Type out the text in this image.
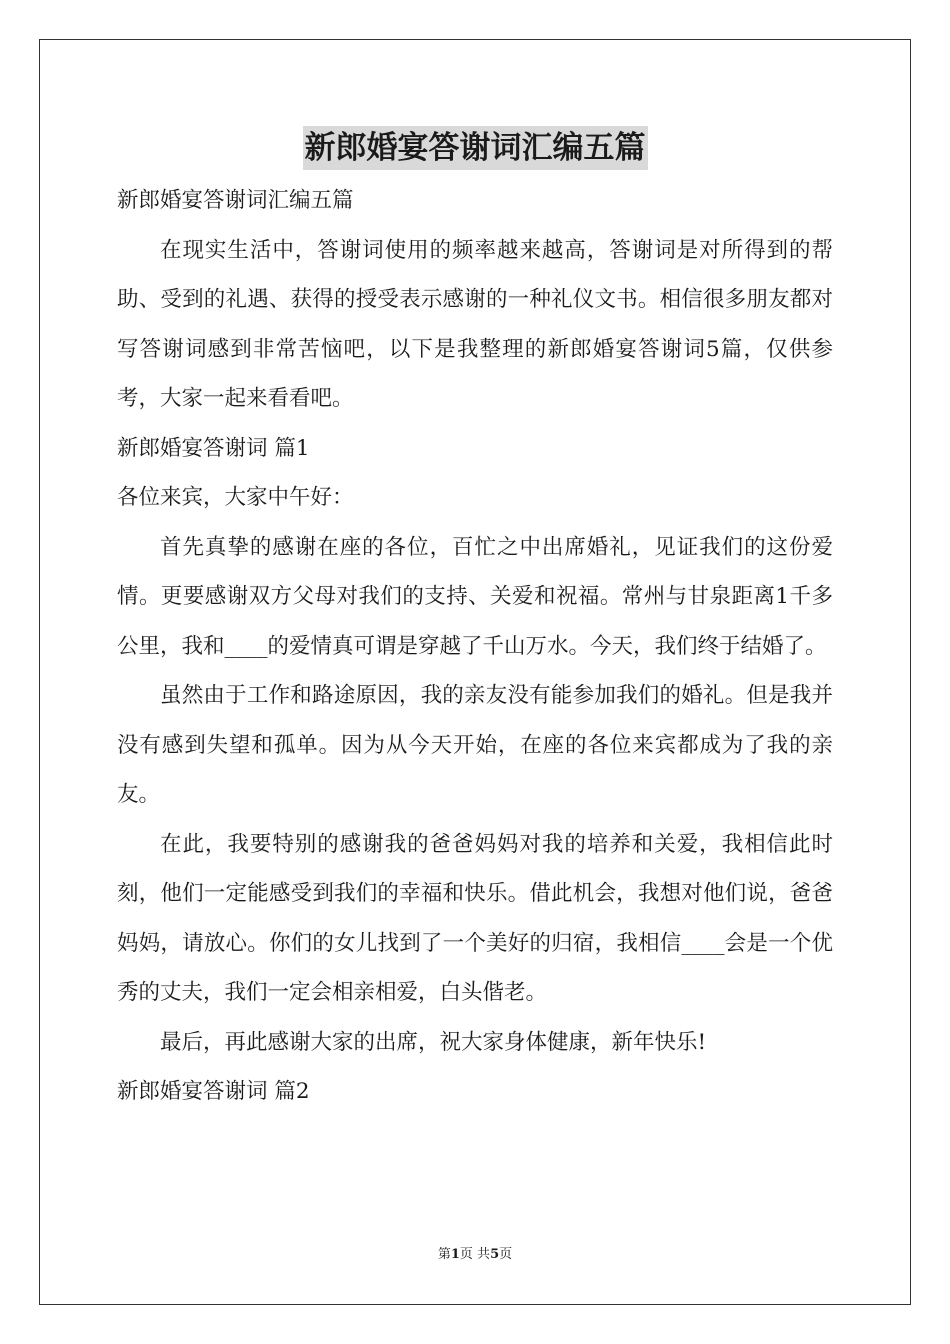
新郎婚宴答谢词汇编五篇

新郎婚宴答谢词汇编五篇

在现实生活中，答谢词使用的频率越来越高，答谢词是对所得到的帮助、受到的礼遇、获得的授受表示感谢的一种礼仪文书。相信很多朋友都对写答谢词感到非常苦恼吧，以下是我整理的新郎婚宴答谢词5篇，仅供参考，大家一起来看看吧。

新郎婚宴答谢词 篇1

各位来宾，大家中午好：

首先真挚的感谢在座的各位，百忙之中出席婚礼，见证我们的这份爱情。更要感谢双方父母对我们的支持、关爱和祝福。常州与甘泉距离1千多公里，我和____的爱情真可谓是穿越了千山万水。今天，我们终于结婚了。

虽然由于工作和路途原因，我的亲友没有能参加我们的婚礼。但是我并没有感到失望和孤单。因为从今天开始，在座的各位来宾都成为了我的亲友。

在此，我要特别的感谢我的爸爸妈妈对我的培养和关爱，我相信此时刻，他们一定能感受到我们的幸福和快乐。借此机会，我想对他们说，爸爸妈妈，请放心。你们的女儿找到了一个美好的归宿，我相信____会是一个优秀的丈夫，我们一定会相亲相爱，白头偕老。

最后，再此感谢大家的出席，祝大家身体健康，新年快乐!

新郎婚宴答谢词 篇2

第1页 共5页
